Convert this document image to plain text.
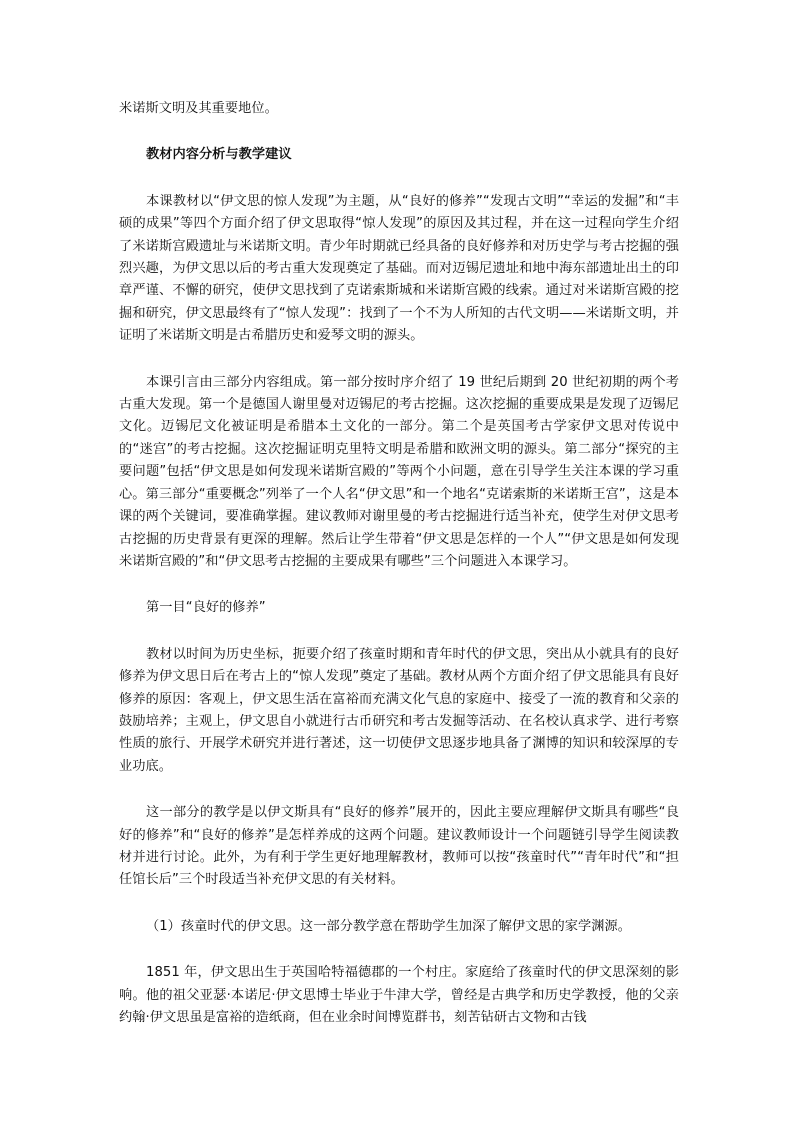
米诺斯文明及其重要地位。

教材内容分析与教学建议

本课教材以“伊文思的惊人发现”为主题，从“良好的修养”“发现古文明”“幸运的发掘”和“丰硕的成果”等四个方面介绍了伊文思取得“惊人发现”的原因及其过程，并在这一过程向学生介绍了米诺斯宫殿遗址与米诺斯文明。青少年时期就已经具备的良好修养和对历史学与考古挖掘的强烈兴趣，为伊文思以后的考古重大发现奠定了基础。而对迈锡尼遗址和地中海东部遗址出土的印章严谨、不懈的研究，使伊文思找到了克诺索斯城和米诺斯宫殿的线索。通过对米诺斯宫殿的挖掘和研究，伊文思最终有了“惊人发现”：找到了一个不为人所知的古代文明——米诺斯文明，并证明了米诺斯文明是古希腊历史和爱琴文明的源头。

本课引言由三部分内容组成。第一部分按时序介绍了 19 世纪后期到 20 世纪初期的两个考古重大发现。第一个是德国人谢里曼对迈锡尼的考古挖掘。这次挖掘的重要成果是发现了迈锡尼文化。迈锡尼文化被证明是希腊本土文化的一部分。第二个是英国考古学家伊文思对传说中的“迷宫”的考古挖掘。这次挖掘证明克里特文明是希腊和欧洲文明的源头。第二部分“探究的主要问题”包括“伊文思是如何发现米诺斯宫殿的”等两个小问题，意在引导学生关注本课的学习重心。第三部分“重要概念”列举了一个人名“伊文思”和一个地名“克诺索斯的米诺斯王宫”，这是本课的两个关键词，要准确掌握。建议教师对谢里曼的考古挖掘进行适当补充，使学生对伊文思考古挖掘的历史背景有更深的理解。然后让学生带着“伊文思是怎样的一个人”“伊文思是如何发现米诺斯宫殿的”和“伊文思考古挖掘的主要成果有哪些”三个问题进入本课学习。

第一目“良好的修养”

教材以时间为历史坐标，扼要介绍了孩童时期和青年时代的伊文思，突出从小就具有的良好修养为伊文思日后在考古上的“惊人发现”奠定了基础。教材从两个方面介绍了伊文思能具有良好修养的原因：客观上，伊文思生活在富裕而充满文化气息的家庭中、接受了一流的教育和父亲的鼓励培养；主观上，伊文思自小就进行古币研究和考古发掘等活动、在名校认真求学、进行考察性质的旅行、开展学术研究并进行著述，这一切使伊文思逐步地具备了渊博的知识和较深厚的专业功底。

这一部分的教学是以伊文斯具有“良好的修养”展开的，因此主要应理解伊文斯具有哪些“良好的修养”和“良好的修养”是怎样养成的这两个问题。建议教师设计一个问题链引导学生阅读教材并进行讨论。此外，为有利于学生更好地理解教材，教师可以按“孩童时代”“青年时代”和“担任馆长后”三个时段适当补充伊文思的有关材料。

（1）孩童时代的伊文思。这一部分教学意在帮助学生加深了解伊文思的家学渊源。

1851 年，伊文思出生于英国哈特福德郡的一个村庄。家庭给了孩童时代的伊文思深刻的影响。他的祖父亚瑟·本诺尼·伊文思博士毕业于牛津大学，曾经是古典学和历史学教授，他的父亲约翰·伊文思虽是富裕的造纸商，但在业余时间博览群书，刻苦钻研古文物和古钱
